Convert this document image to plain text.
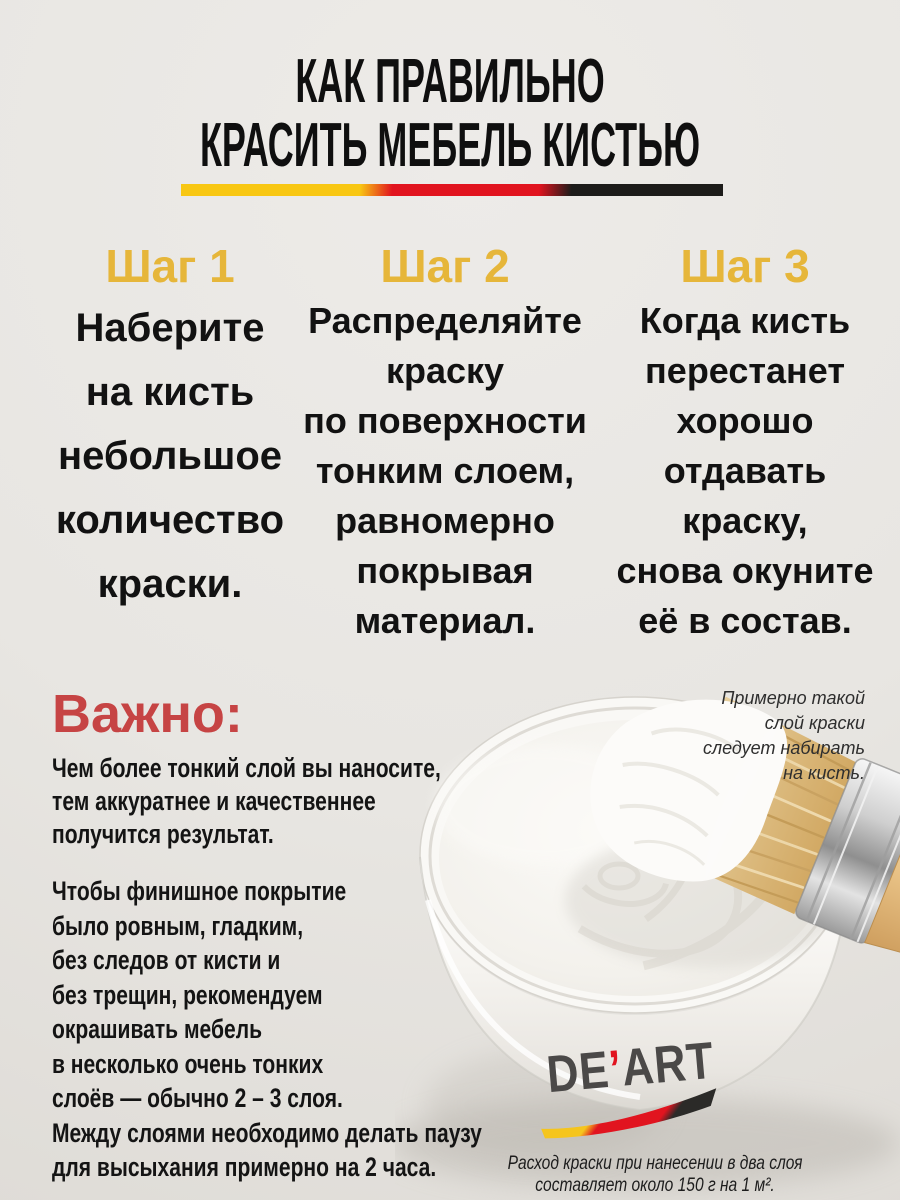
КАК ПРАВИЛЬНО
КРАСИТЬ МЕБЕЛЬ КИСТЬЮ
Шаг 1
Наберите
на кисть
небольшое
количество
краски.
Шаг 2
Распределяйте
краску
по поверхности
тонким слоем,
равномерно
покрывая
материал.
Шаг 3
Когда кисть
перестанет
хорошо
отдавать
краску,
снова окуните
её в состав.
DE’ART
Важно:
Чем более тонкий слой вы наносите,
тем аккуратнее и качественнее
получится результат.
Чтобы финишное покрытие
было ровным, гладким,
без следов от кисти и
без трещин, рекомендуем
окрашивать мебель
в несколько очень тонких
слоёв — обычно 2 – 3 слоя.
Между слоями необходимо делать паузу
для высыхания примерно на 2 часа.
Примерно такой
слой краски
следует набирать
на кисть.
Расход краски при нанесении в два слоя составляет около 150 г на 1 м².
